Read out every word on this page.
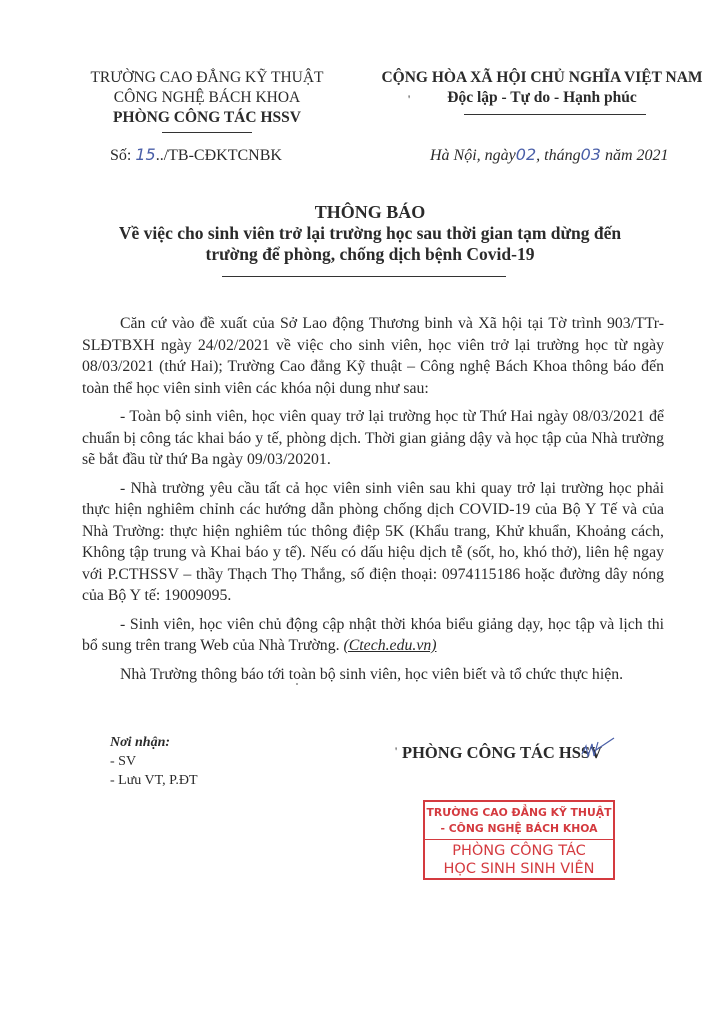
TRƯỜNG CAO ĐẲNG KỸ THUẬT
CÔNG NGHỆ BÁCH KHOA
PHÒNG CÔNG TÁC HSSV
CỘNG HÒA XÃ HỘI CHỦ NGHĨA VIỆT NAM
Độc lập - Tự do - Hạnh phúc
'
Số: 15../TB-CĐKTCNBK	Hà Nội, ngày02, tháng03 năm 2021
THÔNG BÁO
Về việc cho sinh viên trở lại trường học sau thời gian tạm dừng đến trường để phòng, chống dịch bệnh Covid-19

Căn cứ vào đề xuất của Sở Lao động Thương binh và Xã hội tại Tờ trình 903/TTr-SLĐTBXH ngày 24/02/2021 về việc cho sinh viên, học viên trở lại trường học từ ngày 08/03/2021 (thứ Hai); Trường Cao đẳng Kỹ thuật – Công nghệ Bách Khoa thông báo đến toàn thể học viên sinh viên các khóa nội dung như sau:

- Toàn bộ sinh viên, học viên quay trở lại trường học từ Thứ Hai ngày 08/03/2021 để chuẩn bị công tác khai báo y tế, phòng dịch. Thời gian giảng dậy và học tập của Nhà trường sẽ bắt đầu từ thứ Ba ngày 09/03/20201.

- Nhà trường yêu cầu tất cả học viên sinh viên sau khi quay trở lại trường học phải thực hiện nghiêm chỉnh các hướng dẫn phòng chống dịch COVID-19 của Bộ Y Tế và của Nhà Trường: thực hiện nghiêm túc thông điệp 5K (Khẩu trang, Khử khuẩn, Khoảng cách, Không tập trung và Khai báo y tế). Nếu có dấu hiệu dịch tễ (sốt, ho, khó thở), liên hệ ngay với P.CTHSSV – thầy Thạch Thọ Thắng, số điện thoại: 0974115186 hoặc đường dây nóng của Bộ Y tế: 19009095.

- Sinh viên, học viên chủ động cập nhật thời khóa biểu giảng dạy, học tập và lịch thi bổ sung trên trang Web của Nhà Trường. (Ctech.edu.vn)

Nhà Trường thông báo tới toàn bộ sinh viên, học viên biết và tổ chức thực hiện.

Nơi nhận:
- SV
- Lưu VT, P.ĐT
' PHÒNG CÔNG TÁC HSSV
TRƯỜNG CAO ĐẲNG KỸ THUẬT
- CÔNG NGHỆ BÁCH KHOA
PHÒNG CÔNG TÁC
HỌC SINH SINH VIÊN
